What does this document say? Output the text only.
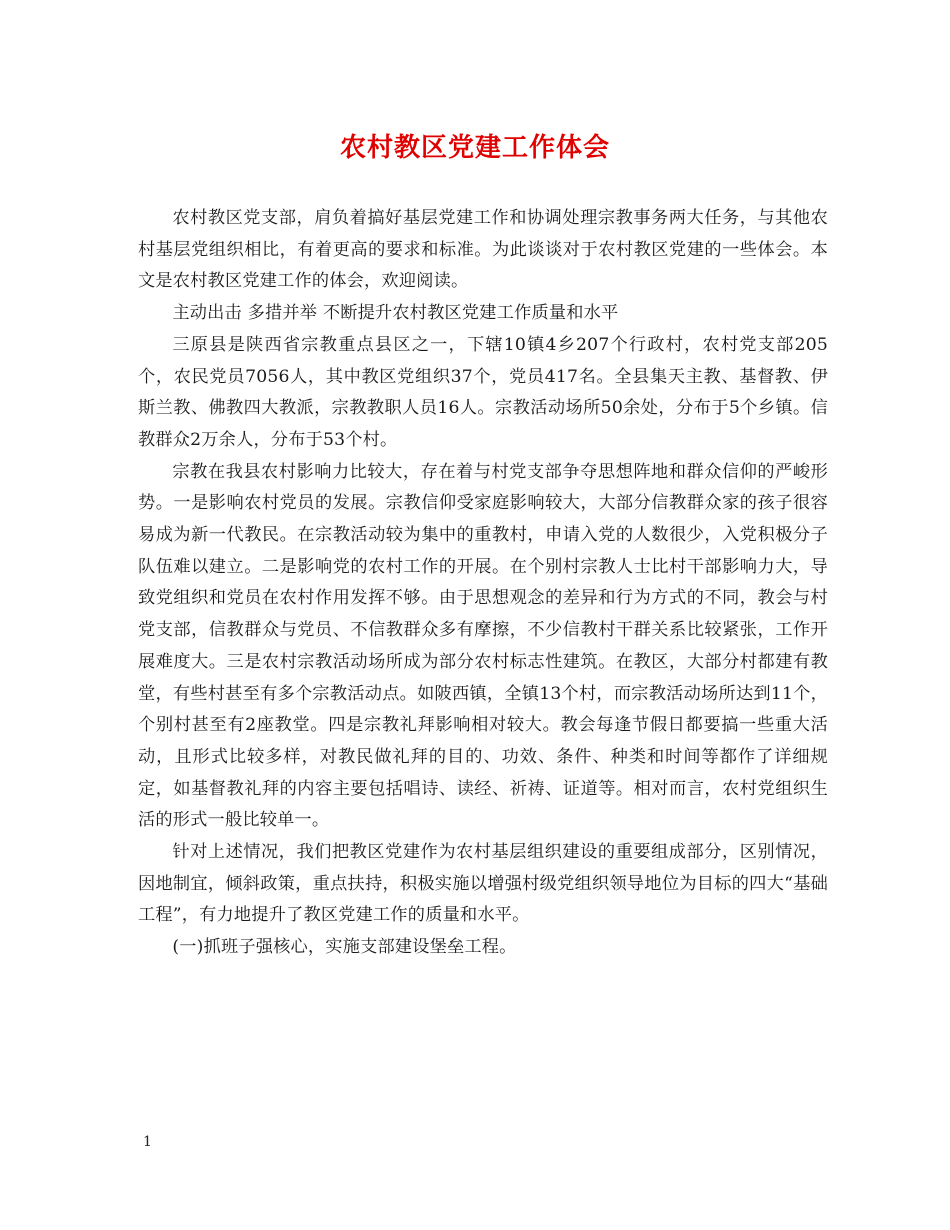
农村教区党建工作体会

农村教区党支部，肩负着搞好基层党建工作和协调处理宗教事务两大任务，与其他农村基层党组织相比，有着更高的要求和标准。为此谈谈对于农村教区党建的一些体会。本文是农村教区党建工作的体会，欢迎阅读。

主动出击 多措并举 不断提升农村教区党建工作质量和水平

三原县是陕西省宗教重点县区之一，下辖10镇4乡207个行政村，农村党支部205个，农民党员7056人，其中教区党组织37个，党员417名。全县集天主教、基督教、伊斯兰教、佛教四大教派，宗教教职人员16人。宗教活动场所50余处，分布于5个乡镇。信教群众2万余人，分布于53个村。

宗教在我县农村影响力比较大，存在着与村党支部争夺思想阵地和群众信仰的严峻形势。一是影响农村党员的发展。宗教信仰受家庭影响较大，大部分信教群众家的孩子很容易成为新一代教民。在宗教活动较为集中的重教村，申请入党的人数很少，入党积极分子队伍难以建立。二是影响党的农村工作的开展。在个别村宗教人士比村干部影响力大，导致党组织和党员在农村作用发挥不够。由于思想观念的差异和行为方式的不同，教会与村党支部，信教群众与党员、不信教群众多有摩擦，不少信教村干群关系比较紧张，工作开展难度大。三是农村宗教活动场所成为部分农村标志性建筑。在教区，大部分村都建有教堂，有些村甚至有多个宗教活动点。如陂西镇，全镇13个村，而宗教活动场所达到11个，个别村甚至有2座教堂。四是宗教礼拜影响相对较大。教会每逢节假日都要搞一些重大活动，且形式比较多样，对教民做礼拜的目的、功效、条件、种类和时间等都作了详细规定，如基督教礼拜的内容主要包括唱诗、读经、祈祷、证道等。相对而言，农村党组织生活的形式一般比较单一。

针对上述情况，我们把教区党建作为农村基层组织建设的重要组成部分，区别情况，因地制宜，倾斜政策，重点扶持，积极实施以增强村级党组织领导地位为目标的四大“基础工程”，有力地提升了教区党建工作的质量和水平。

(一)抓班子强核心，实施支部建设堡垒工程。

1
